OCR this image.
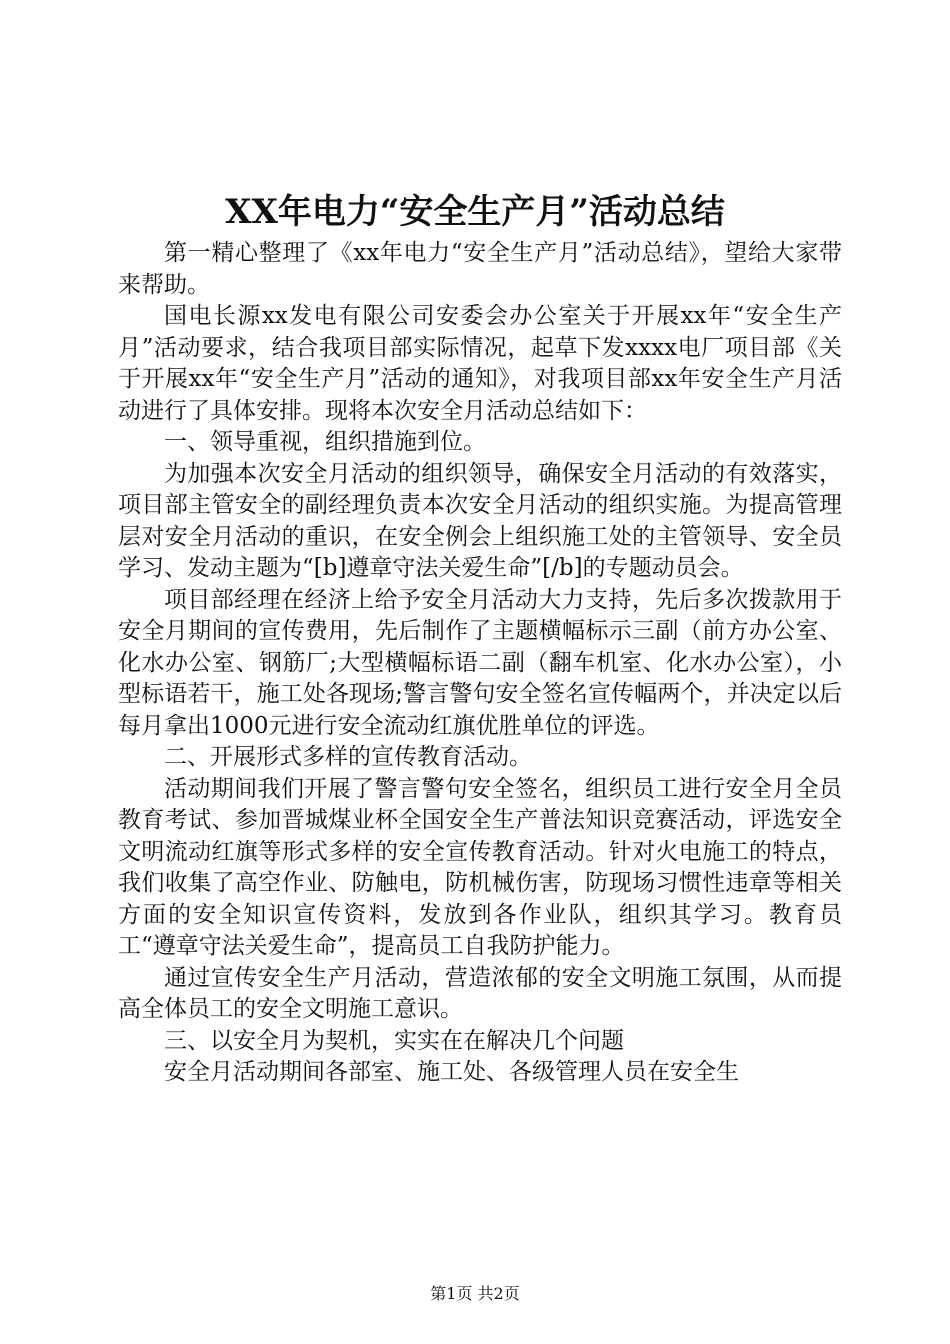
XX年电力“安全生产月”活动总结

第一精心整理了《xx年电力“安全生产月”活动总结》，望给大家带来帮助。

国电长源xx发电有限公司安委会办公室关于开展xx年“安全生产月”活动要求，结合我项目部实际情况，起草下发xxxx电厂项目部《关于开展xx年“安全生产月”活动的通知》，对我项目部xx年安全生产月活动进行了具体安排。现将本次安全月活动总结如下：

一、领导重视，组织措施到位。

为加强本次安全月活动的组织领导，确保安全月活动的有效落实，项目部主管安全的副经理负责本次安全月活动的组织实施。为提高管理层对安全月活动的重识，在安全例会上组织施工处的主管领导、安全员学习、发动主题为“[b]遵章守法关爱生命”[/b]的专题动员会。

项目部经理在经济上给予安全月活动大力支持，先后多次拨款用于安全月期间的宣传费用，先后制作了主题横幅标示三副（前方办公室、化水办公室、钢筋厂;大型横幅标语二副（翻车机室、化水办公室），小型标语若干，施工处各现场;警言警句安全签名宣传幅两个，并决定以后每月拿出1000元进行安全流动红旗优胜单位的评选。

二、开展形式多样的宣传教育活动。

活动期间我们开展了警言警句安全签名，组织员工进行安全月全员教育考试、参加晋城煤业杯全国安全生产普法知识竞赛活动，评选安全文明流动红旗等形式多样的安全宣传教育活动。针对火电施工的特点，我们收集了高空作业、防触电，防机械伤害，防现场习惯性违章等相关方面的安全知识宣传资料，发放到各作业队，组织其学习。教育员工“遵章守法关爱生命”，提高员工自我防护能力。

通过宣传安全生产月活动，营造浓郁的安全文明施工氛围，从而提高全体员工的安全文明施工意识。

三、以安全月为契机，实实在在解决几个问题

安全月活动期间各部室、施工处、各级管理人员在安全生

第1页 共2页
